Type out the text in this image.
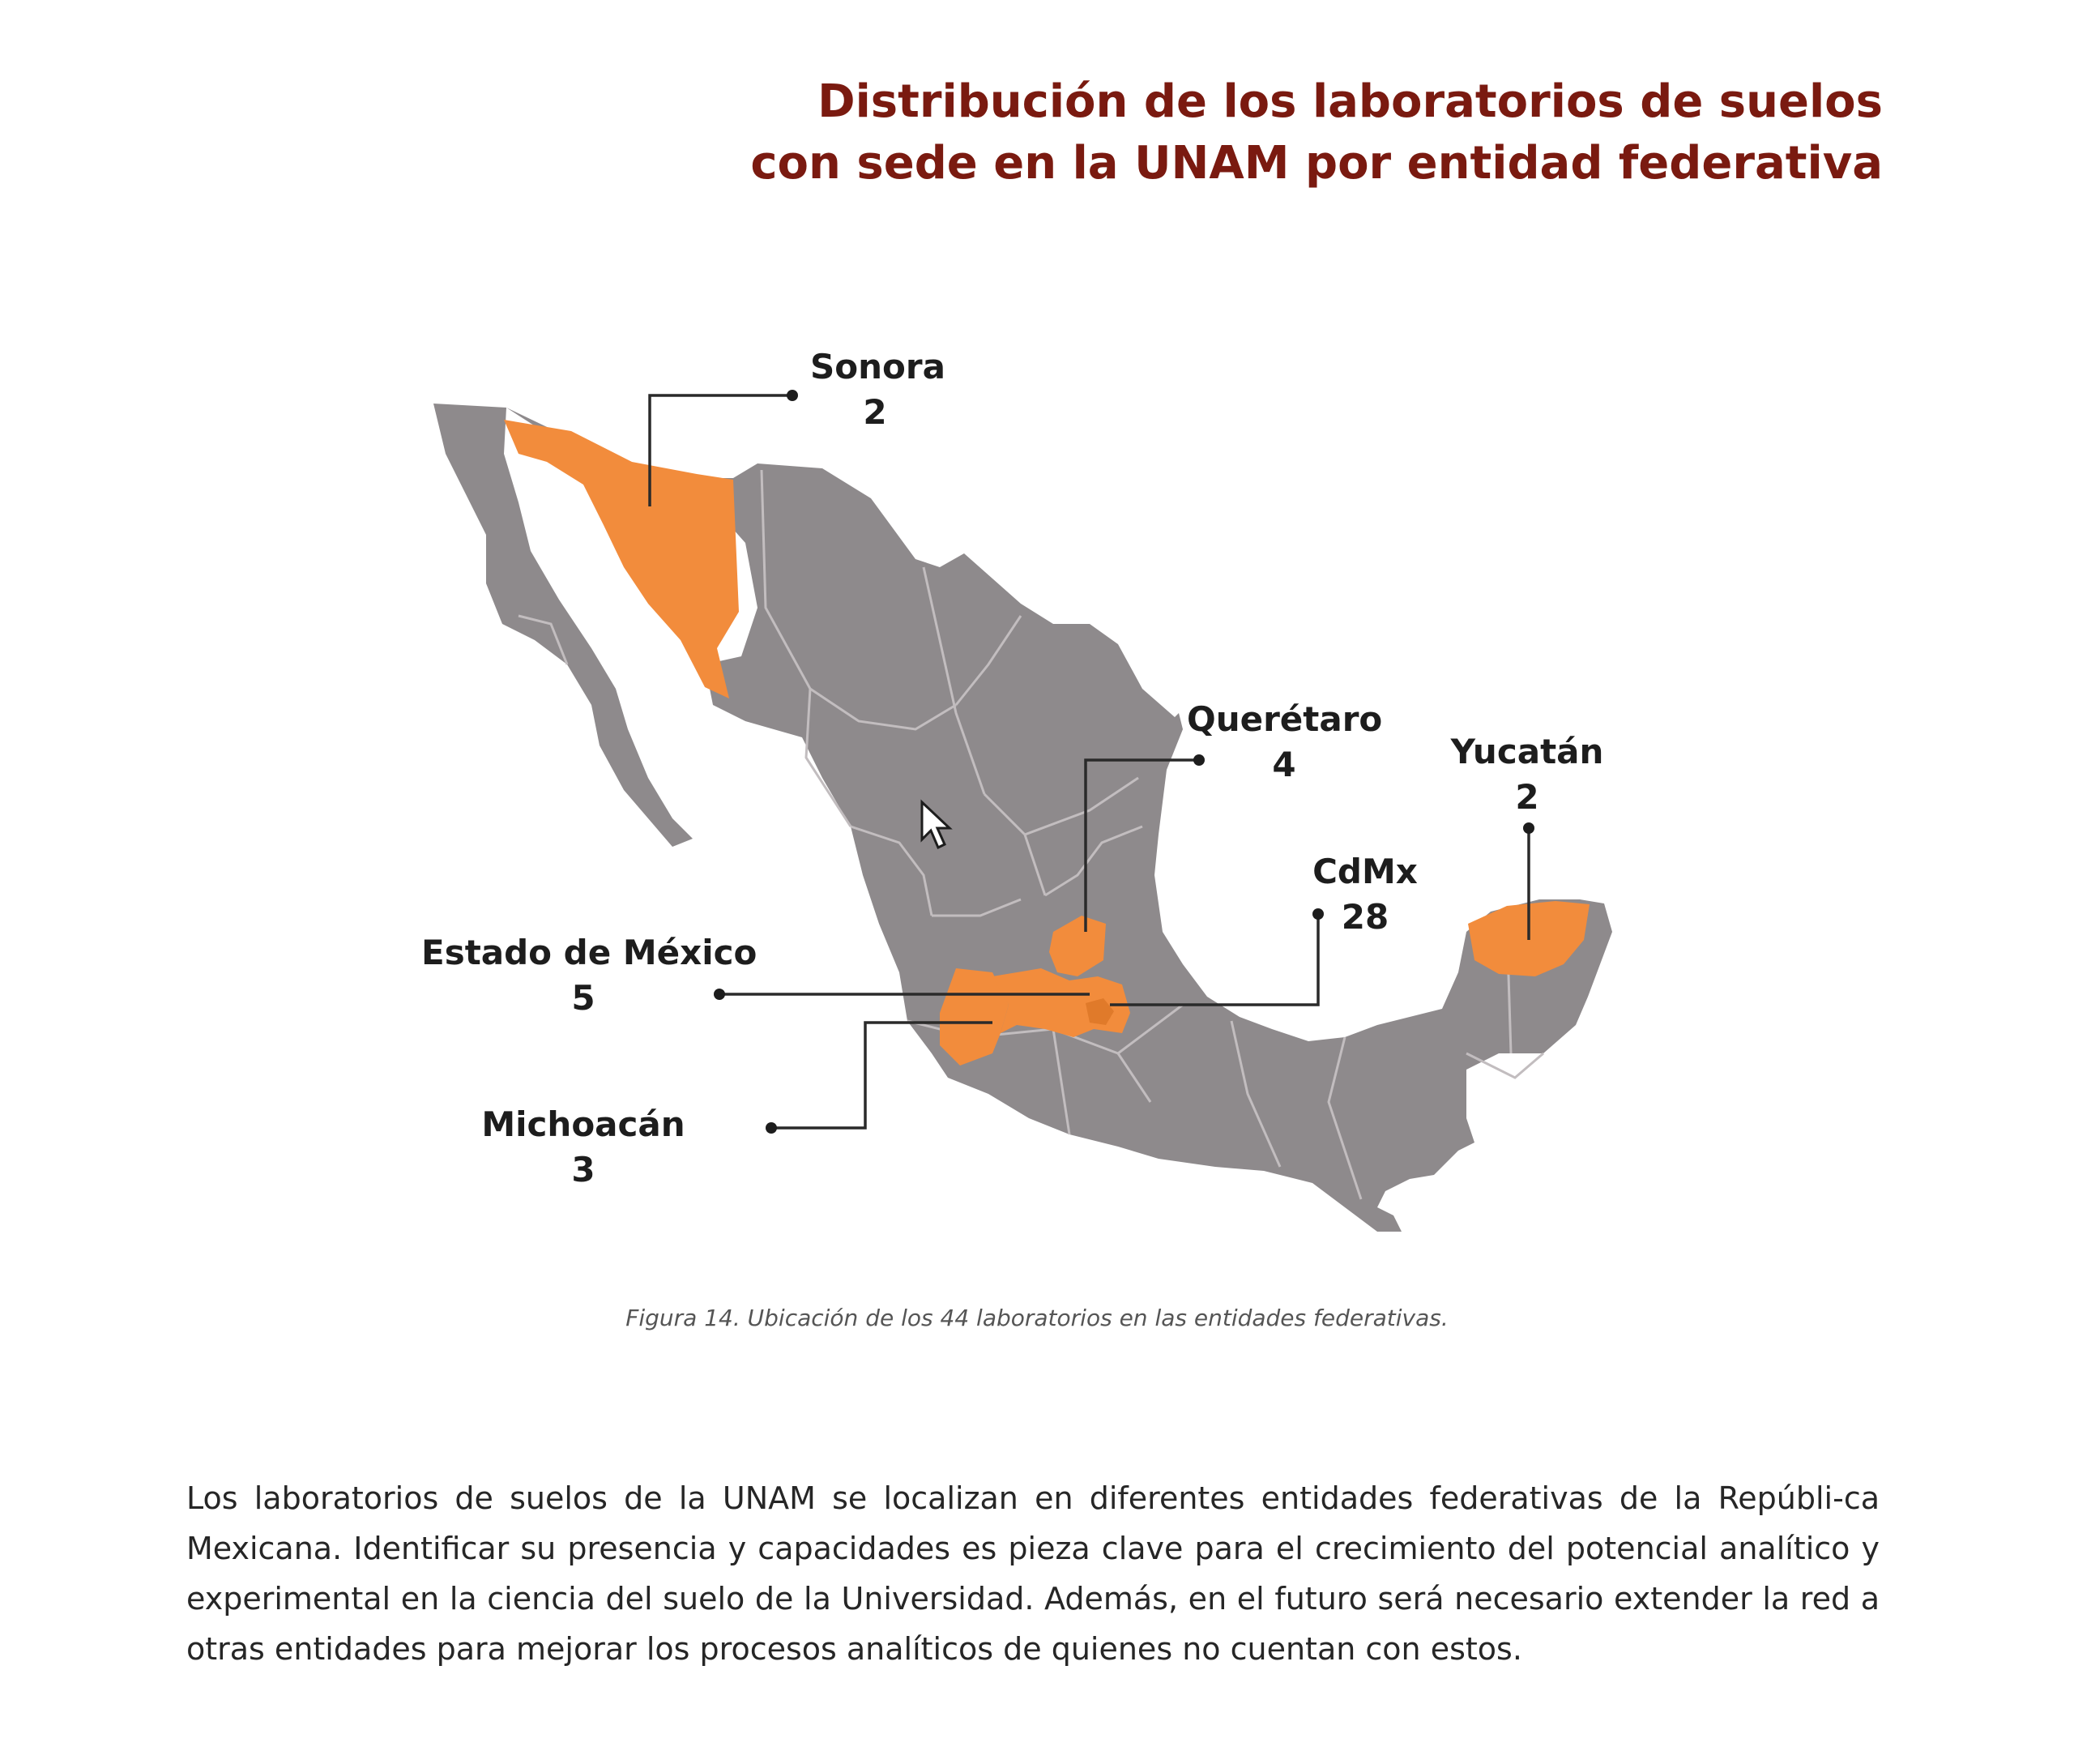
Distribución de los laboratorios de suelos
con sede en la UNAM por entidad federativa
Sonora
2
Querétaro
4	Yucatán
2
CdMx
28
Estado de México
5
Michoacán
3
Figura 14. Ubicación de los 44 laboratorios en las entidades federativas.
Los laboratorios de suelos de la UNAM se localizan en diferentes entidades federativas de la Repúbli-ca Mexicana. Identificar su presencia y capacidades es pieza clave para el crecimiento del potencial analítico y experimental en la ciencia del suelo de la Universidad. Además, en el futuro será necesario extender la red a otras entidades para mejorar los procesos analíticos de quienes no cuentan con estos.
